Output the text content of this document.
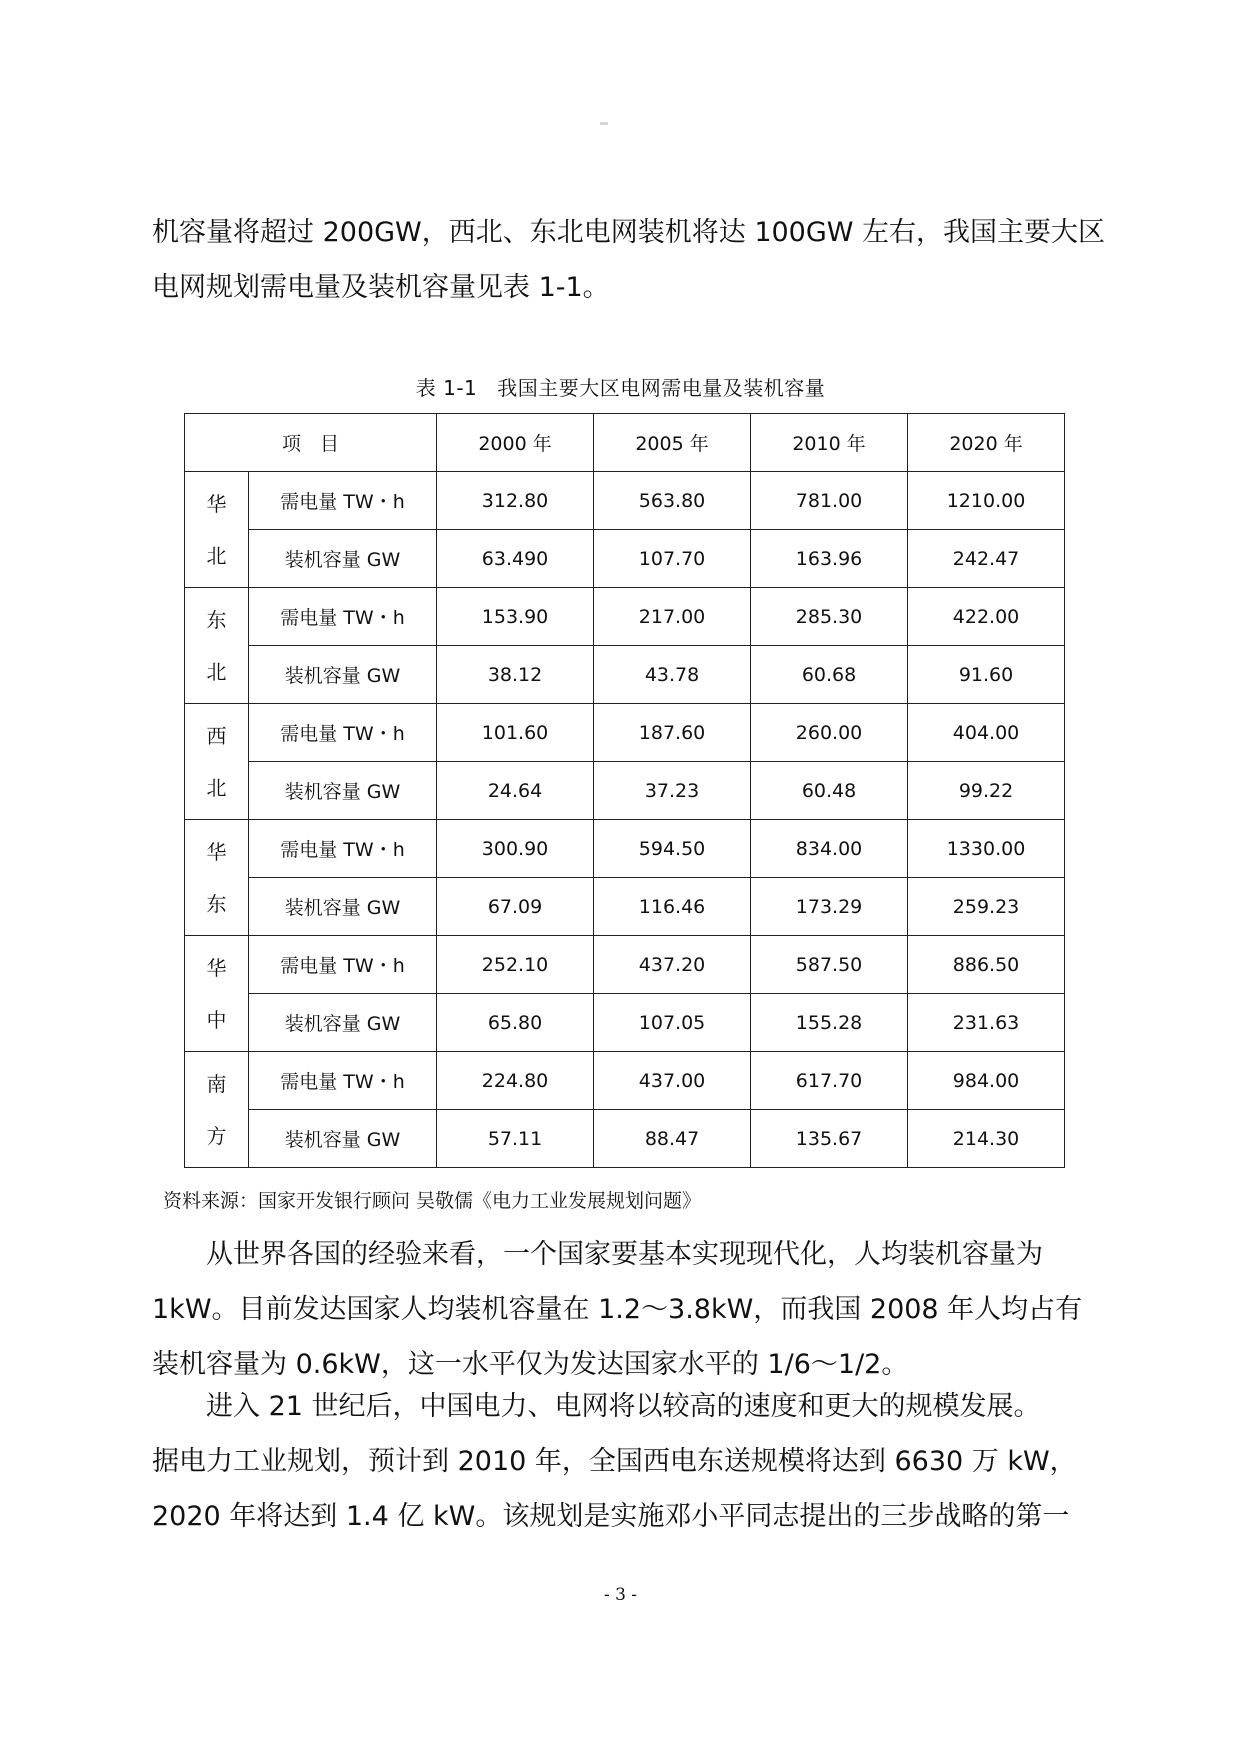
机容量将超过 200GW，西北、东北电网装机将达 100GW 左右，我国主要大区
电网规划需电量及装机容量见表 1-1。
表 1-1 我国主要大区电网需电量及装机容量
项　目		2000 年	2005 年	2010 年	2020 年

华
北	需电量 TW・h	312.80	563.80	781.00	1210.00
	装机容量 GW	63.490	107.70	163.96	242.47

东
北	需电量 TW・h	153.90	217.00	285.30	422.00
	装机容量 GW	38.12	43.78	60.68	91.60

西
北	需电量 TW・h	101.60	187.60	260.00	404.00
	装机容量 GW	24.64	37.23	60.48	99.22

华
东	需电量 TW・h	300.90	594.50	834.00	1330.00
	装机容量 GW	67.09	116.46	173.29	259.23

华
中	需电量 TW・h	252.10	437.20	587.50	886.50
	装机容量 GW	65.80	107.05	155.28	231.63

南
方	需电量 TW・h	224.80	437.00	617.70	984.00
	装机容量 GW	57.11	88.47	135.67	214.30
资料来源：国家开发银行顾问 吴敬儒《电力工业发展规划问题》
　　从世界各国的经验来看，一个国家要基本实现现代化，人均装机容量为
1kW。目前发达国家人均装机容量在 1.2～3.8kW，而我国 2008 年人均占有
装机容量为 0.6kW，这一水平仅为发达国家水平的 1/6～1/2。
　　进入 21 世纪后，中国电力、电网将以较高的速度和更大的规模发展。
据电力工业规划，预计到 2010 年，全国西电东送规模将达到 6630 万 kW，
2020 年将达到 1.4 亿 kW。该规划是实施邓小平同志提出的三步战略的第一
- 3 -
